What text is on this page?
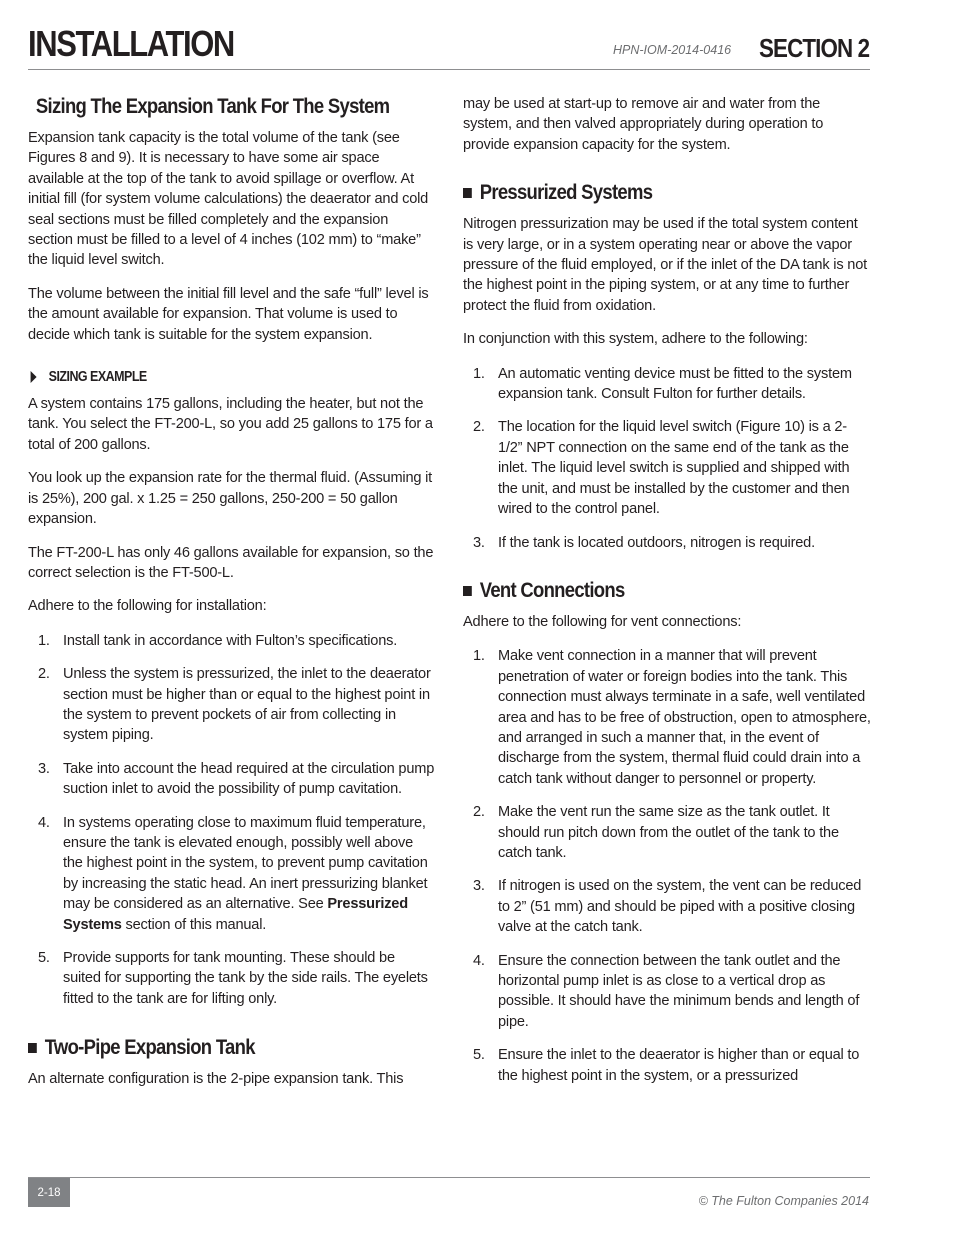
INSTALLATION	HPN-IOM-2014-0416 SECTION 2
Sizing The Expansion Tank For The System

Expansion tank capacity is the total volume of the tank (see Figures 8 and 9). It is necessary to have some air space available at the top of the tank to avoid spillage or overflow. At initial fill (for system volume calculations) the deaerator and cold seal sections must be filled completely and the expansion section must be filled to a level of 4 inches (102 mm) to “make” the liquid level switch.

The volume between the initial fill level and the safe “full” level is the amount available for expansion. That volume is used to decide which tank is suitable for the system expansion.

SIZING EXAMPLE

A system contains 175 gallons, including the heater, but not the tank. You select the FT-200-L, so you add 25 gallons to 175 for a total of 200 gallons.

You look up the expansion rate for the thermal fluid. (Assuming it is 25%), 200 gal. x 1.25 = 250 gallons, 250-200 = 50 gallon expansion.

The FT-200-L has only 46 gallons available for expansion, so the correct selection is the FT-500-L.

Adhere to the following for installation:

1. Install tank in accordance with Fulton’s specifications.
2. Unless the system is pressurized, the inlet to the deaerator section must be higher than or equal to the highest point in the system to prevent pockets of air from collecting in system piping.
3. Take into account the head required at the circulation pump suction inlet to avoid the possibility of pump cavitation.
4. In systems operating close to maximum fluid temperature, ensure the tank is elevated enough, possibly well above the highest point in the system, to prevent pump cavitation by increasing the static head. An inert pressurizing blanket may be considered as an alternative. See Pressurized Systems section of this manual.
5. Provide supports for tank mounting. These should be suited for supporting the tank by the side rails. The eyelets fitted to the tank are for lifting only.
Two-Pipe Expansion Tank

An alternate configuration is the 2-pipe expansion tank. This

may be used at start-up to remove air and water from the system, and then valved appropriately during operation to provide expansion capacity for the system.

Pressurized Systems

Nitrogen pressurization may be used if the total system content is very large, or in a system operating near or above the vapor pressure of the fluid employed, or if the inlet of the DA tank is not the highest point in the piping system, or at any time to further protect the fluid from oxidation.

In conjunction with this system, adhere to the following:

1. An automatic venting device must be fitted to the system expansion tank. Consult Fulton for further details.
2. The location for the liquid level switch (Figure 10) is a 2-1/2” NPT connection on the same end of the tank as the inlet. The liquid level switch is supplied and shipped with the unit, and must be installed by the customer and then wired to the control panel.
3. If the tank is located outdoors, nitrogen is required.
Vent Connections

Adhere to the following for vent connections:

1. Make vent connection in a manner that will prevent penetration of water or foreign bodies into the tank. This connection must always terminate in a safe, well ventilated area and has to be free of obstruction, open to atmosphere, and arranged in such a manner that, in the event of discharge from the system, thermal fluid could drain into a catch tank without danger to personnel or property.
2. Make the vent run the same size as the tank outlet. It should run pitch down from the outlet of the tank to the catch tank.
3. If nitrogen is used on the system, the vent can be reduced to 2” (51 mm) and should be piped with a positive closing valve at the catch tank.
4. Ensure the connection between the tank outlet and the horizontal pump inlet is as close to a vertical drop as possible. It should have the minimum bends and length of pipe.
5. Ensure the inlet to the deaerator is higher than or equal to the highest point in the system, or a pressurized
2-18
© The Fulton Companies 2014
